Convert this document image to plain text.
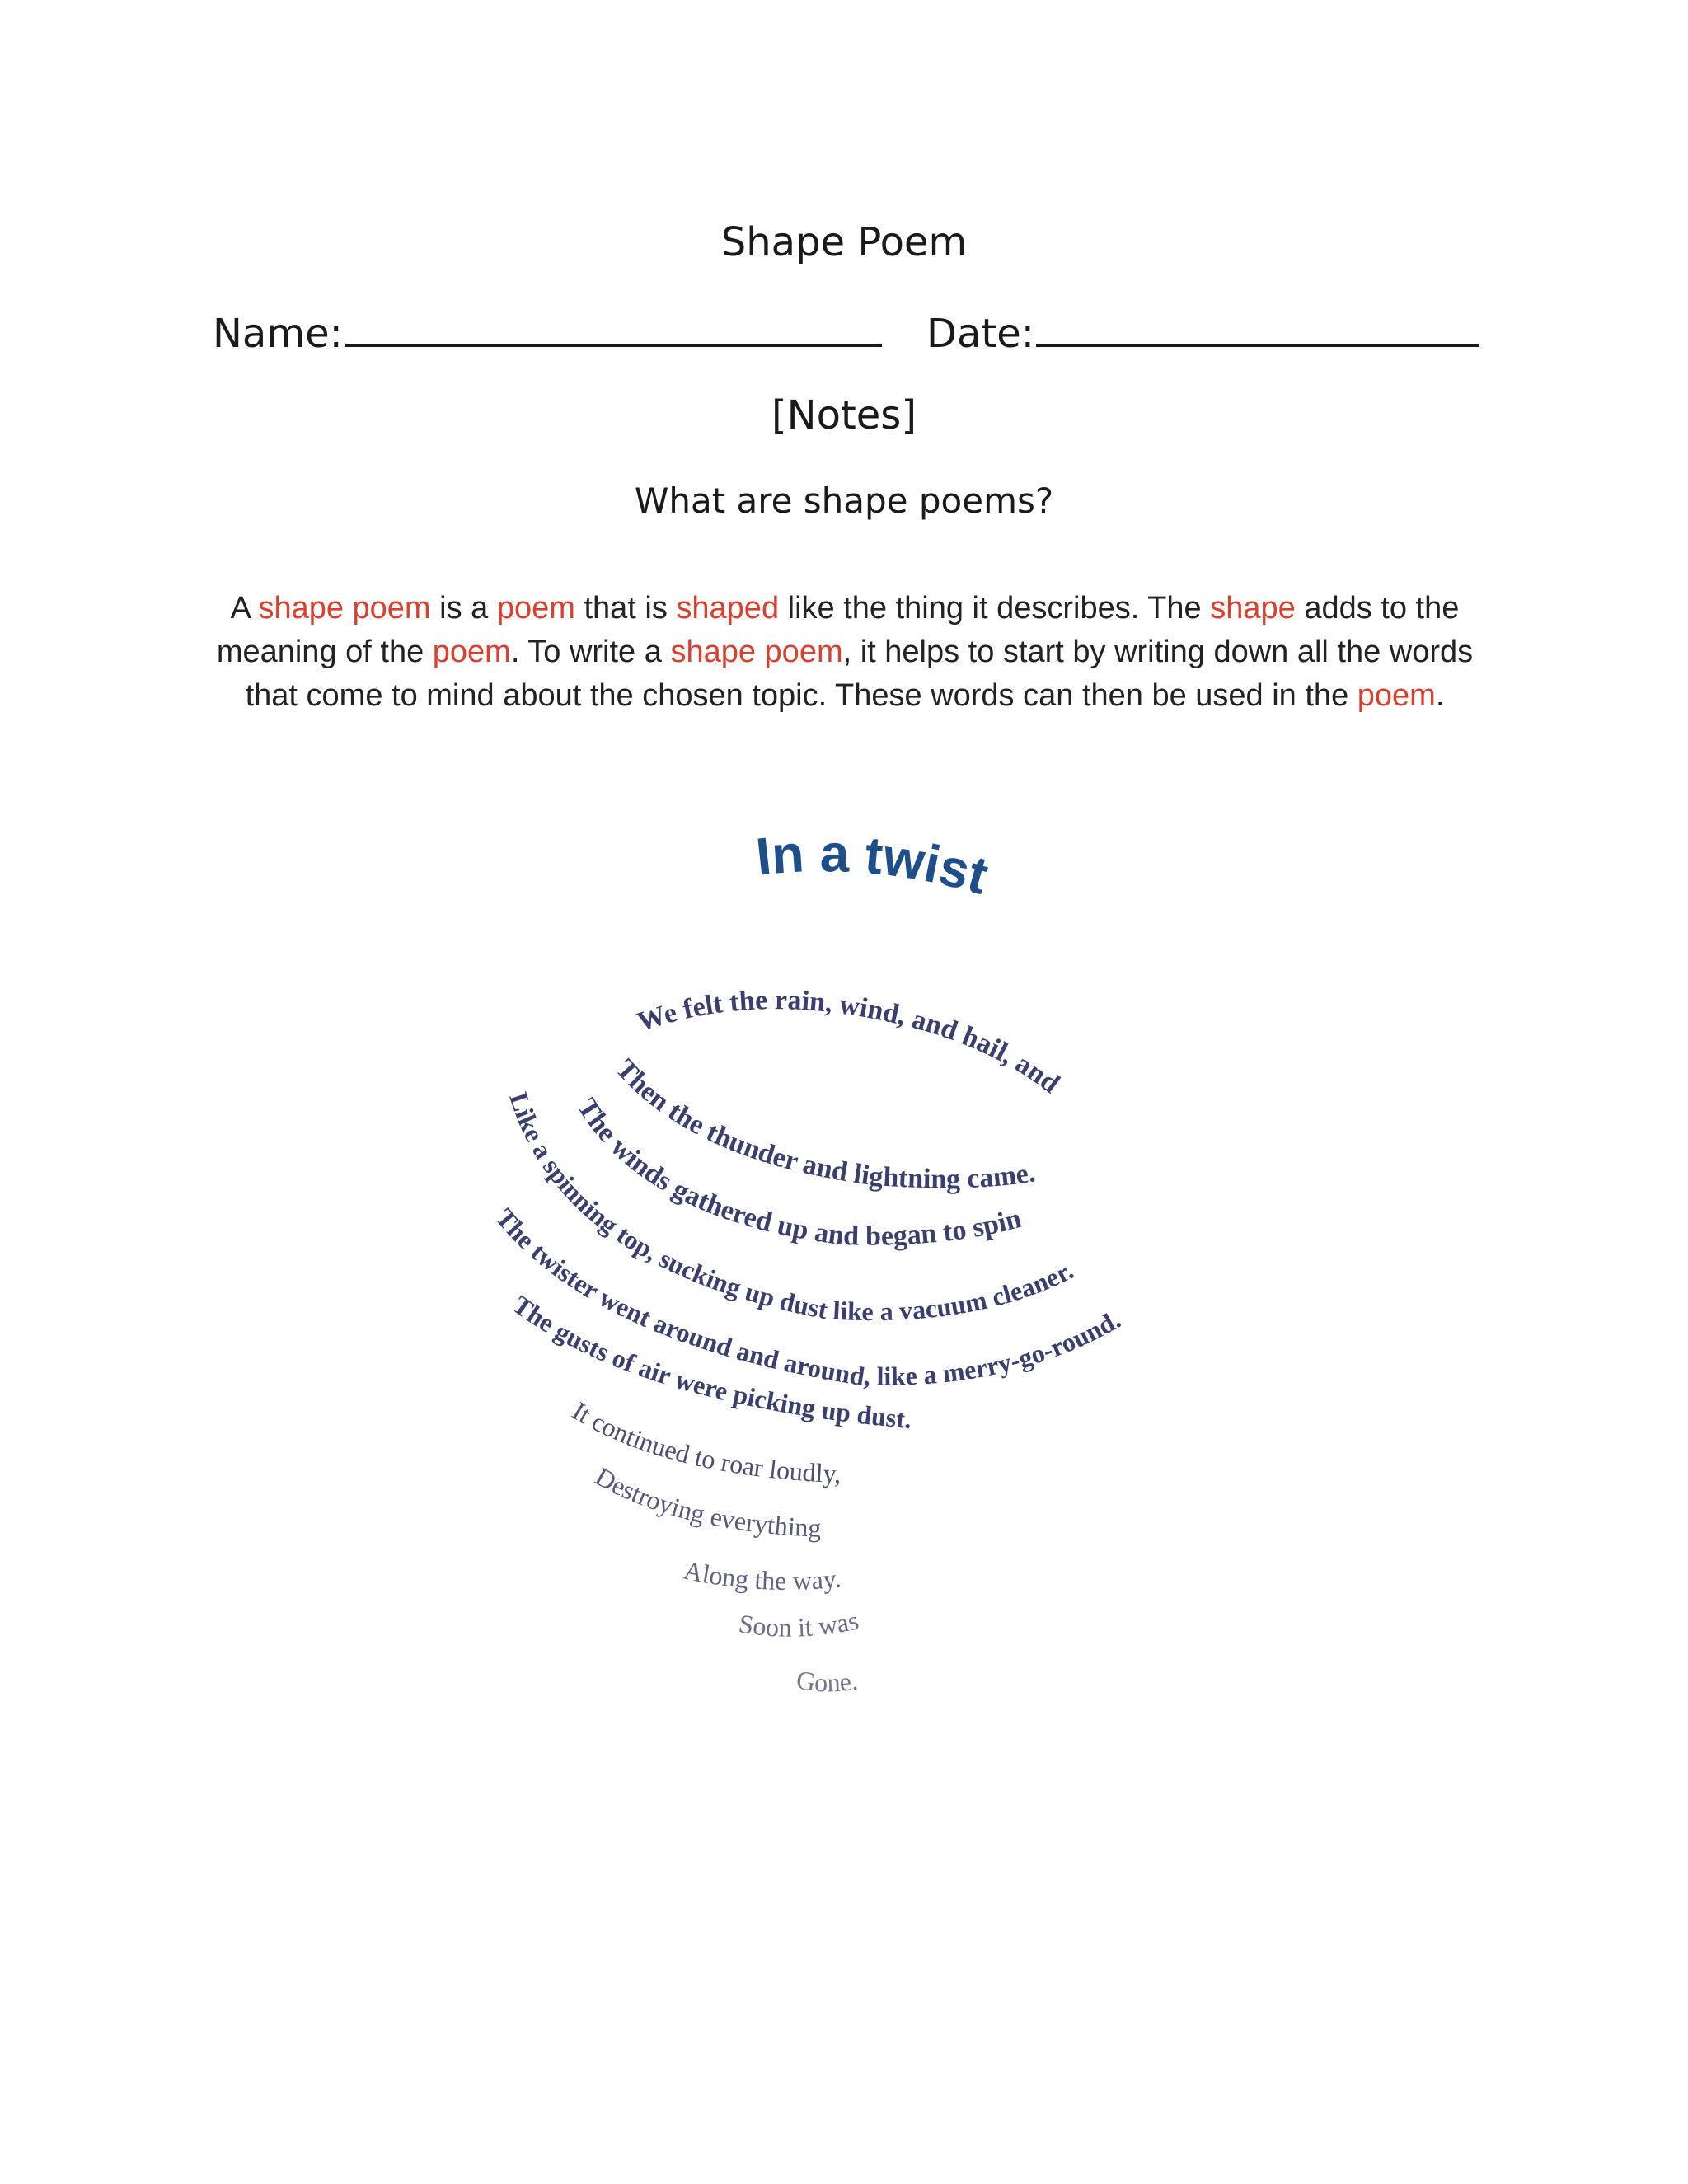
Shape Poem
Name:	Date:
[Notes]
What are shape poems?
A shape poem is a poem that is shaped like the thing it describes. The shape adds to the meaning of the poem. To write a shape poem, it helps to start by writing down all the words that come to mind about the chosen topic. These words can then be used in the poem.
In a twist
We felt the rain, wind, and hail, and
Then the thunder and lightning came.
The winds gathered up and began to spin
Like a spinning top, sucking up dust like a vacuum cleaner.
The twister went around and around, like a merry-go-round.
The gusts of air were picking up dust.
It continued to roar loudly,
Destroying everything
Along the way.
Soon it was
Gone.
